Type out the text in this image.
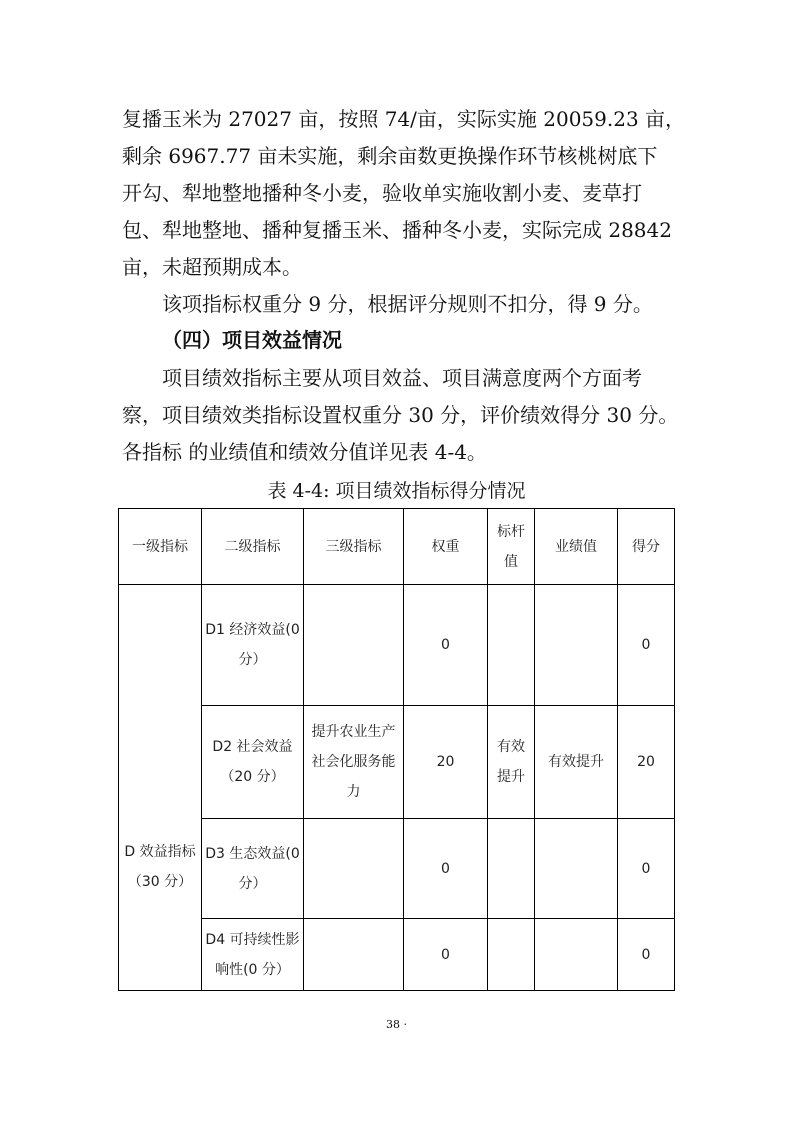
复播玉米为 27027 亩，按照 74/亩，实际实施 20059.23 亩，
剩余 6967.77 亩未实施，剩余亩数更换操作环节核桃树底下
开勾、犁地整地播种冬小麦，验收单实施收割小麦、麦草打
包、犁地整地、播种复播玉米、播种冬小麦，实际完成 28842
亩，未超预期成本。
该项指标权重分 9 分，根据评分规则不扣分，得 9 分。

（四）项目效益情况

项目绩效指标主要从项目效益、项目满意度两个方面考
察，项目绩效类指标设置权重分 30 分，评价绩效得分 30 分。
各指标 的业绩值和绩效分值详见表 4-4。

表 4-4: 项目绩效指标得分情况

一级指标	二级指标	三级指标	权重	标杆值	业绩值	得分
D 效益指标（30 分）	D1 经济效益(0 分）		0			0
	D2 社会效益（20 分）	提升农业生产社会化服务能力	20	有效提升	有效提升	20
	D3 生态效益(0 分）		0			0
	D4 可持续性影响性(0 分）		0			0

38 ·
